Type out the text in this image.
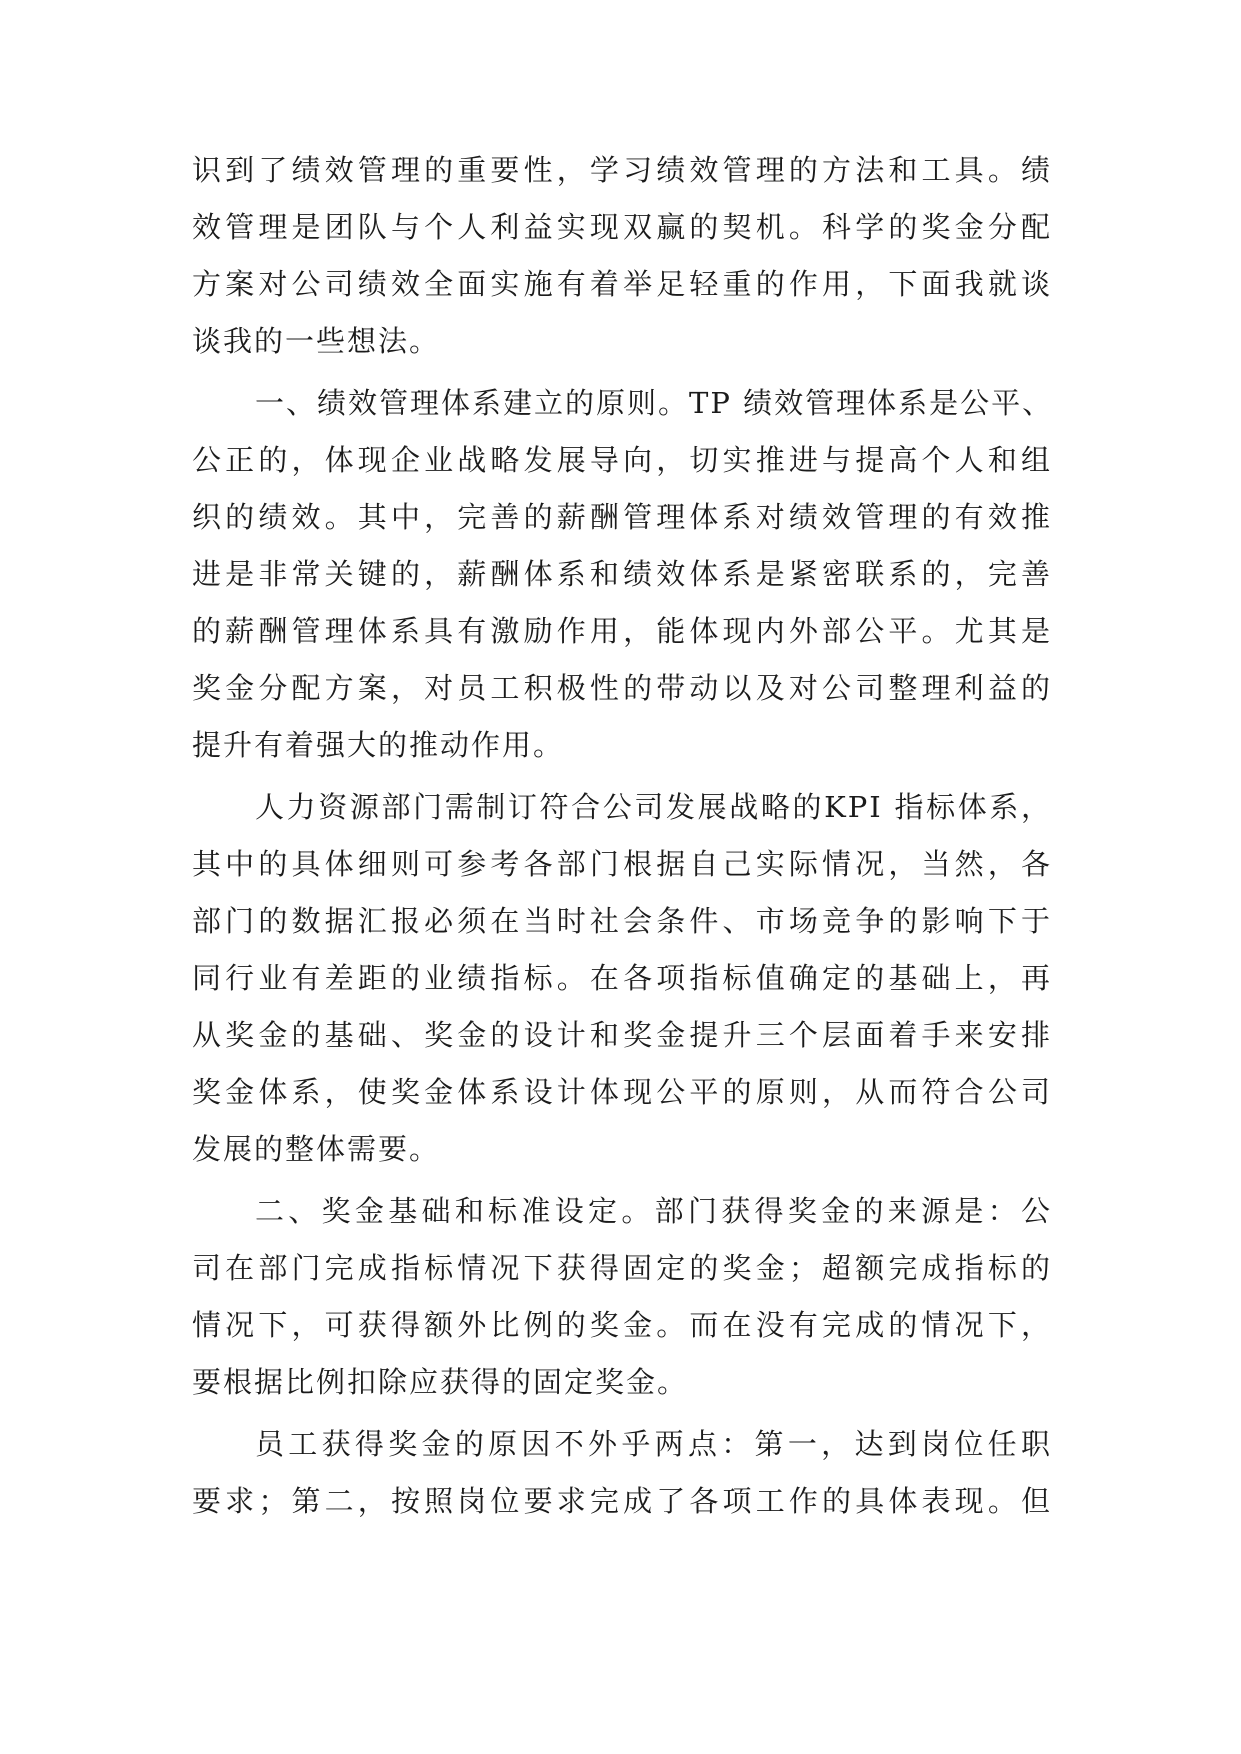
识到了绩效管理的重要性，学习绩效管理的方法和工具。绩
效管理是团队与个人利益实现双赢的契机。科学的奖金分配
方案对公司绩效全面实施有着举足轻重的作用，下面我就谈
谈我的一些想法。
一、绩效管理体系建立的原则。TP 绩效管理体系是公平、
公正的，体现企业战略发展导向，切实推进与提高个人和组
织的绩效。其中，完善的薪酬管理体系对绩效管理的有效推
进是非常关键的，薪酬体系和绩效体系是紧密联系的，完善
的薪酬管理体系具有激励作用，能体现内外部公平。尤其是
奖金分配方案，对员工积极性的带动以及对公司整理利益的
提升有着强大的推动作用。
人力资源部门需制订符合公司发展战略的KPI 指标体系，
其中的具体细则可参考各部门根据自己实际情况，当然，各
部门的数据汇报必须在当时社会条件、市场竞争的影响下于
同行业有差距的业绩指标。在各项指标值确定的基础上，再
从奖金的基础、奖金的设计和奖金提升三个层面着手来安排
奖金体系，使奖金体系设计体现公平的原则，从而符合公司
发展的整体需要。
二、奖金基础和标准设定。部门获得奖金的来源是：公
司在部门完成指标情况下获得固定的奖金；超额完成指标的
情况下，可获得额外比例的奖金。而在没有完成的情况下，
要根据比例扣除应获得的固定奖金。
员工获得奖金的原因不外乎两点：第一，达到岗位任职
要求；第二，按照岗位要求完成了各项工作的具体表现。但
